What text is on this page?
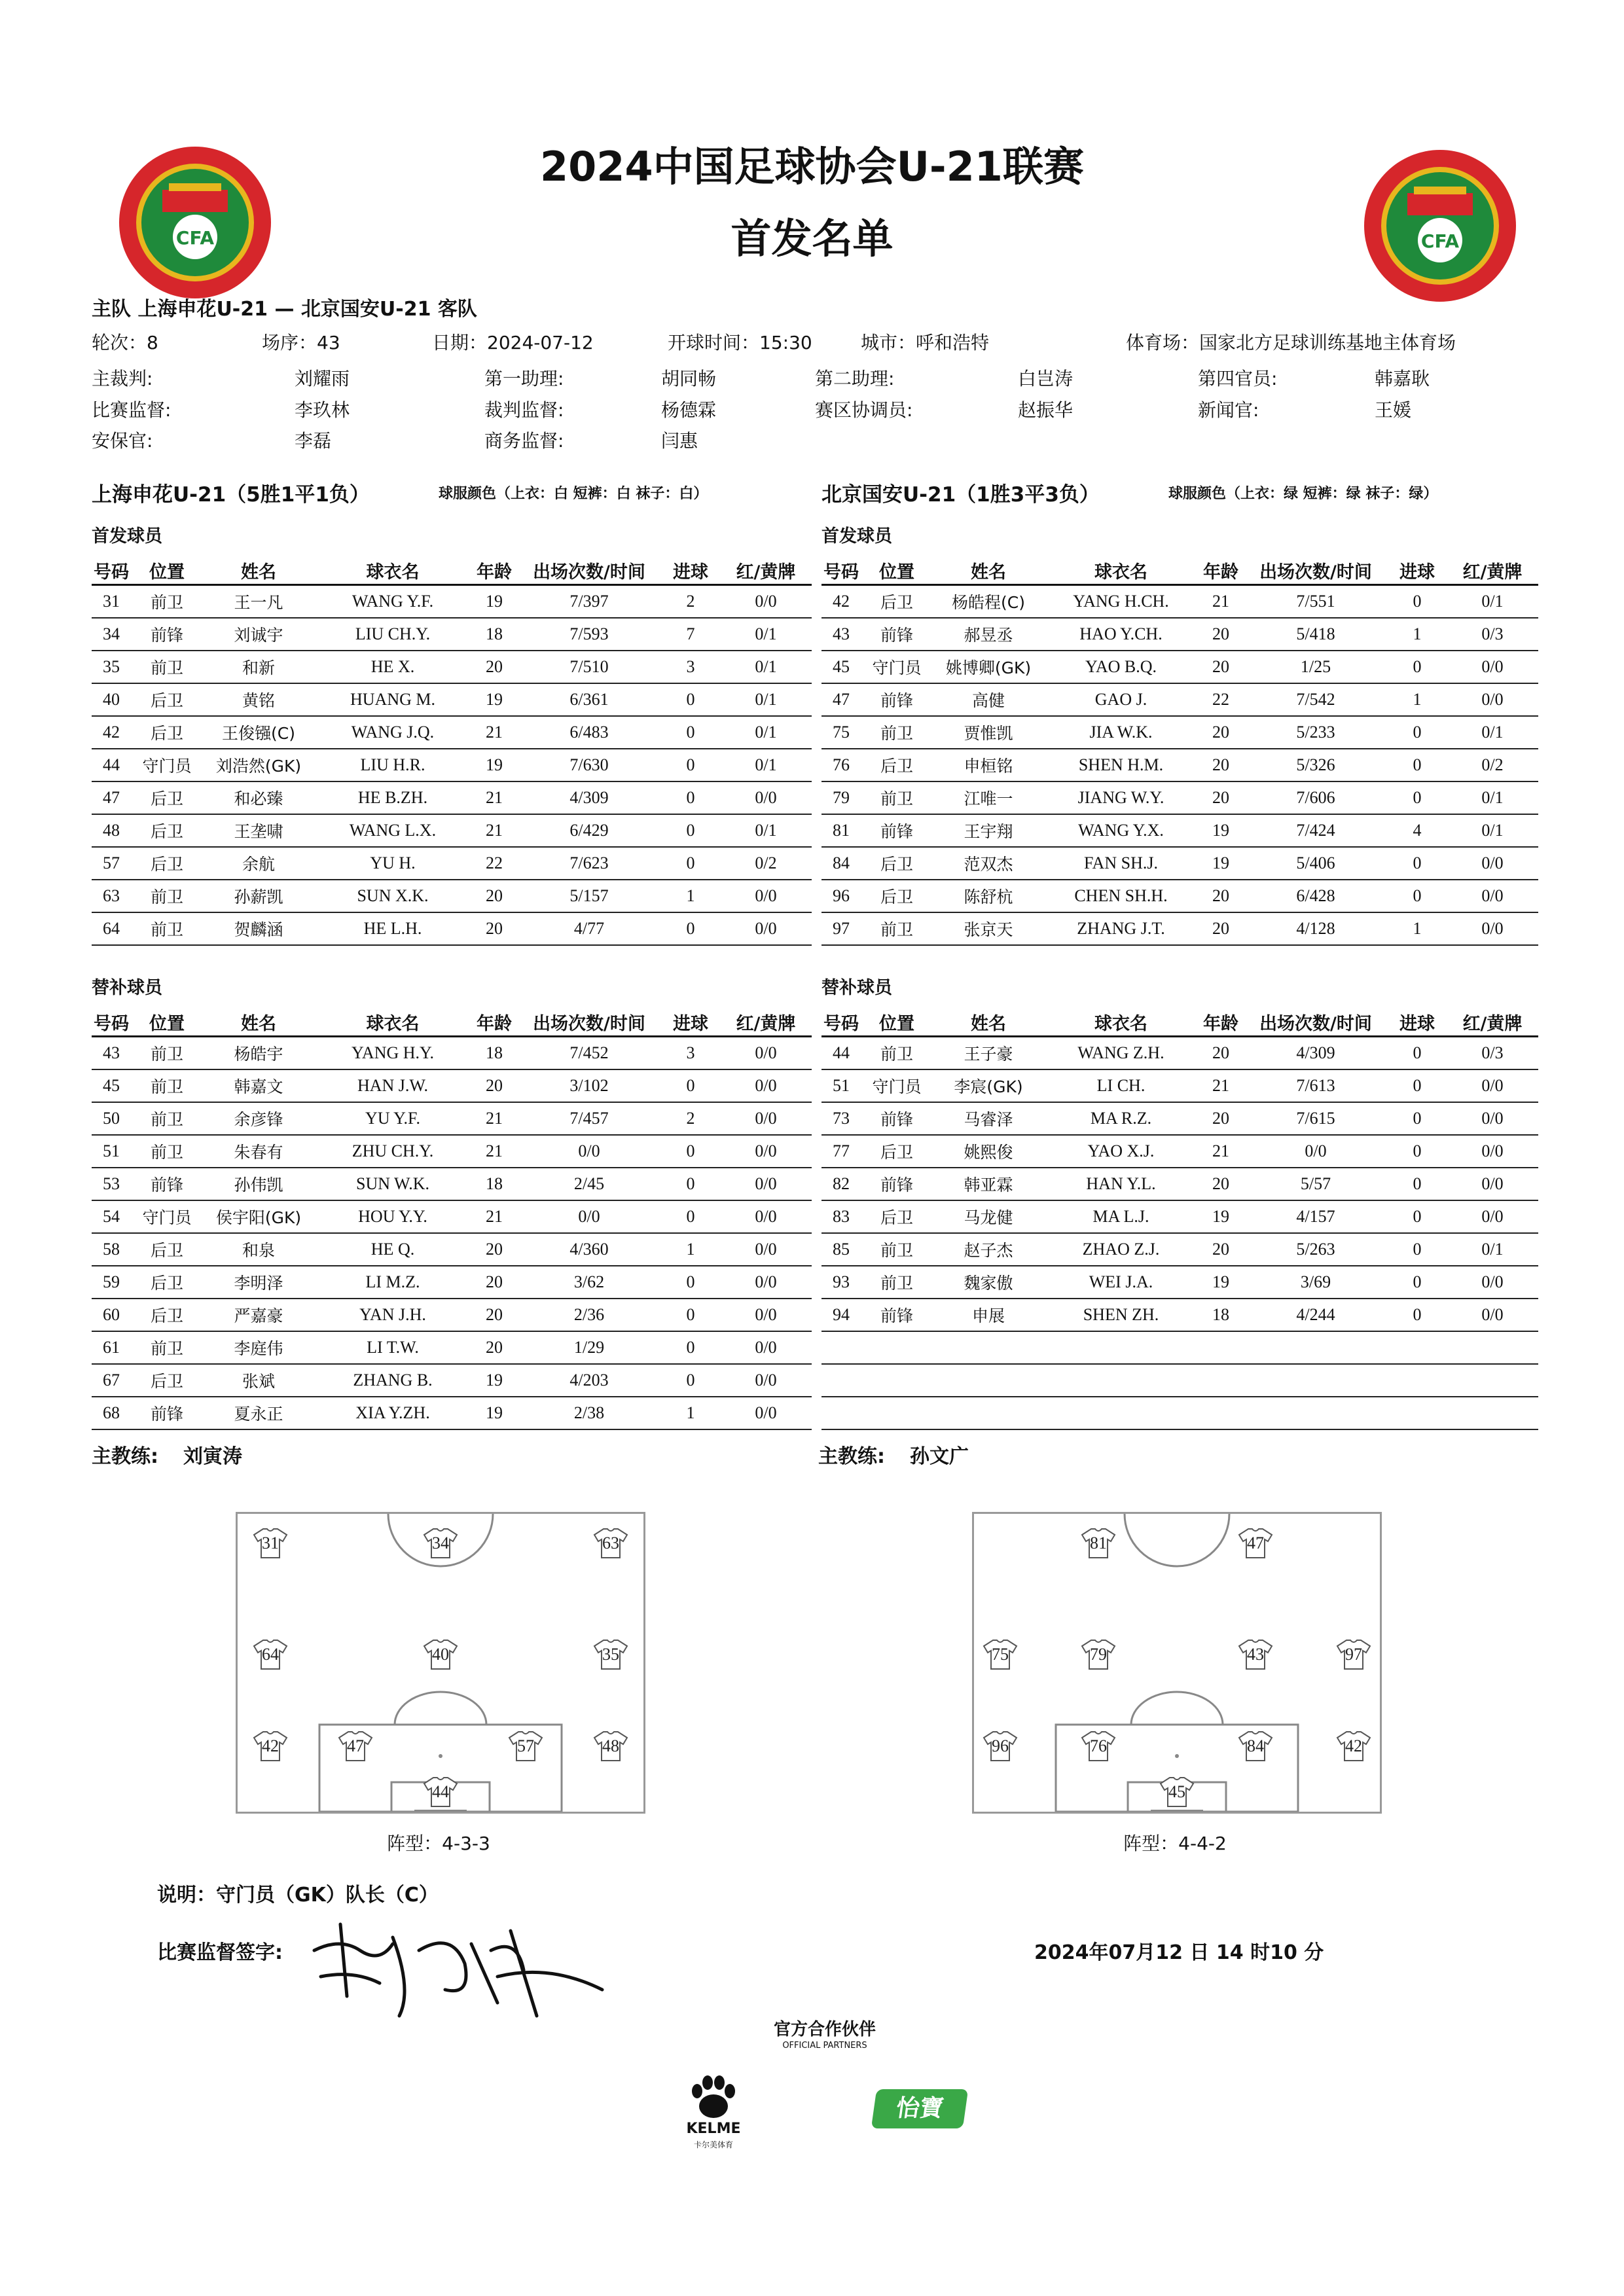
2024中国足球协会U-21联赛
首发名单
CFA	CFA
主队 上海申花U-21 — 北京国安U-21 客队
轮次：8	场序：43	日期：2024-07-12	开球时间：15:30	城市：呼和浩特	体育场：国家北方足球训练基地主体育场
主裁判:	刘耀雨	第一助理:	胡同畅	第二助理:	白岂涛	第四官员:	韩嘉耿
比赛监督:	李玖林	裁判监督:	杨德霖	赛区协调员:	赵振华	新闻官:	王媛
安保官:	李磊	商务监督:	闫惠
上海申花U-21（5胜1平1负）	球服颜色（上衣：白 短裤：白 袜子：白）	北京国安U-21（1胜3平3负）	球服颜色（上衣：绿 短裤：绿 袜子：绿）
首发球员	首发球员
号码	位置	姓名	球衣名	年龄	出场次数/时间	进球	红/黄牌
31	前卫	王一凡	WANG Y.F.	19	7/397	2	0/0
34	前锋	刘诚宇	LIU CH.Y.	18	7/593	7	0/1
35	前卫	和新	HE X.	20	7/510	3	0/1
40	后卫	黄铭	HUANG M.	19	6/361	0	0/1
42	后卫	王俊镪(C)	WANG J.Q.	21	6/483	0	0/1
44	守门员	刘浩然(GK)	LIU H.R.	19	7/630	0	0/1
47	后卫	和必臻	HE B.ZH.	21	4/309	0	0/0
48	后卫	王垄啸	WANG L.X.	21	6/429	0	0/1
57	后卫	余航	YU H.	22	7/623	0	0/2
63	前卫	孙薪凯	SUN X.K.	20	5/157	1	0/0
64	前卫	贺麟涵	HE L.H.	20	4/77	0	0/0
号码	位置	姓名	球衣名	年龄	出场次数/时间	进球	红/黄牌
42	后卫	杨皓程(C)	YANG H.CH.	21	7/551	0	0/1
43	前锋	郝昱丞	HAO Y.CH.	20	5/418	1	0/3
45	守门员	姚博卿(GK)	YAO B.Q.	20	1/25	0	0/0
47	前锋	高健	GAO J.	22	7/542	1	0/0
75	前卫	贾惟凯	JIA W.K.	20	5/233	0	0/1
76	后卫	申桓铭	SHEN H.M.	20	5/326	0	0/2
79	前卫	江唯一	JIANG W.Y.	20	7/606	0	0/1
81	前锋	王宇翔	WANG Y.X.	19	7/424	4	0/1
84	后卫	范双杰	FAN SH.J.	19	5/406	0	0/0
96	后卫	陈舒杭	CHEN SH.H.	20	6/428	0	0/0
97	前卫	张京天	ZHANG J.T.	20	4/128	1	0/0
替补球员	替补球员
号码	位置	姓名	球衣名	年龄	出场次数/时间	进球	红/黄牌
43	前卫	杨皓宇	YANG H.Y.	18	7/452	3	0/0
45	前卫	韩嘉文	HAN J.W.	20	3/102	0	0/0
50	前卫	余彦锋	YU Y.F.	21	7/457	2	0/0
51	前卫	朱春有	ZHU CH.Y.	21	0/0	0	0/0
53	前锋	孙伟凯	SUN W.K.	18	2/45	0	0/0
54	守门员	侯宇阳(GK)	HOU Y.Y.	21	0/0	0	0/0
58	后卫	和泉	HE Q.	20	4/360	1	0/0
59	后卫	李明泽	LI M.Z.	20	3/62	0	0/0
60	后卫	严嘉豪	YAN J.H.	20	2/36	0	0/0
61	前卫	李庭伟	LI T.W.	20	1/29	0	0/0
67	后卫	张斌	ZHANG B.	19	4/203	0	0/0
68	前锋	夏永正	XIA Y.ZH.	19	2/38	1	0/0
号码	位置	姓名	球衣名	年龄	出场次数/时间	进球	红/黄牌
44	前卫	王子豪	WANG Z.H.	20	4/309	0	0/3
51	守门员	李宸(GK)	LI CH.	21	7/613	0	0/0
73	前锋	马睿泽	MA R.Z.	20	7/615	0	0/0
77	后卫	姚熙俊	YAO X.J.	21	0/0	0	0/0
82	前锋	韩亚霖	HAN Y.L.	20	5/57	0	0/0
83	后卫	马龙健	MA L.J.	19	4/157	0	0/0
85	前卫	赵子杰	ZHAO Z.J.	20	5/263	0	0/1
93	前卫	魏家傲	WEI J.A.	19	3/69	0	0/0
94	前锋	申展	SHEN ZH.	18	4/244	0	0/0

主教练: 刘寅涛	主教练: 孙文广
31	34	63
64	40	35
42	47	57	48
44
81	47
75	79	43	97
96	76	84	42
45
阵型：4-3-3	阵型：4-4-2
说明：守门员（GK）队长（C）
比赛监督签字:	2024年07月12 日 14 时10 分
官方合作伙伴
OFFICIAL PARTNERS
KELME
卡尔美体育
怡寶
